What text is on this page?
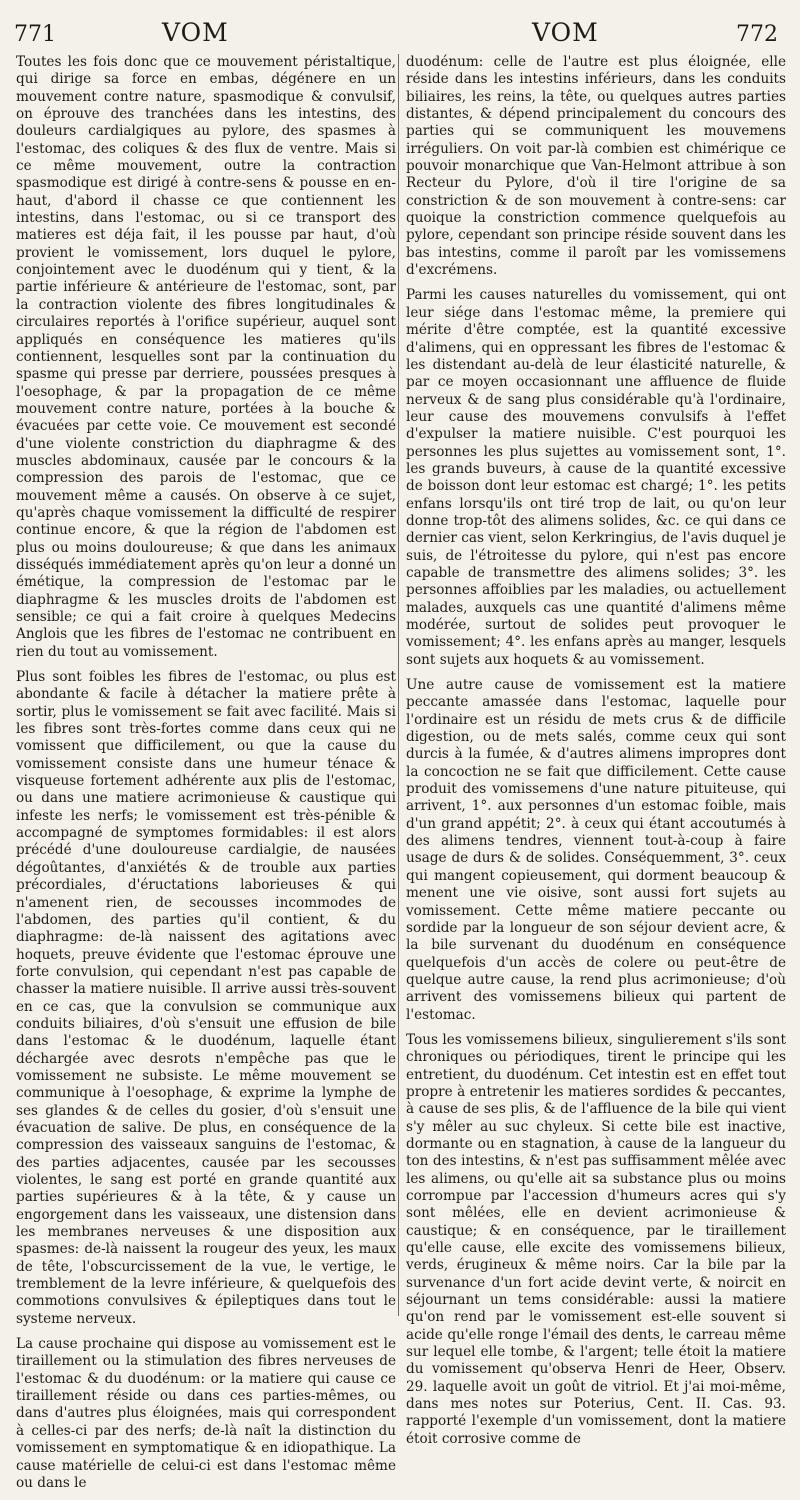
771	VOM	VOM	772

Toutes les fois donc que ce mouvement péristaltique, qui dirige sa force en embas, dégénere en un mouvement contre nature, spasmodique & convulsif, on éprouve des tranchées dans les intestins, des douleurs cardialgiques au pylore, des spasmes à l'estomac, des coliques & des flux de ventre. Mais si ce même mouvement, outre la contraction spasmodique est dirigé à contre-sens & pousse en en-haut, d'abord il chasse ce que contiennent les intestins, dans l'estomac, ou si ce transport des matieres est déja fait, il les pousse par haut, d'où provient le vomissement, lors duquel le pylore, conjointement avec le duodénum qui y tient, & la partie inférieure & antérieure de l'estomac, sont, par la contraction violente des fibres longitudinales & circulaires reportés à l'orifice supérieur, auquel sont appliqués en conséquence les matieres qu'ils contiennent, lesquelles sont par la continuation du spasme qui presse par derriere, poussées presques à l'oesophage, & par la propagation de ce même mouvement contre nature, portées à la bouche & évacuées par cette voie. Ce mouvement est secondé d'une violente constriction du diaphragme & des muscles abdominaux, causée par le concours & la compression des parois de l'estomac, que ce mouvement même a causés. On observe à ce sujet, qu'après chaque vomissement la difficulté de respirer continue encore, & que la région de l'abdomen est plus ou moins douloureuse; & que dans les animaux disséqués immédiatement après qu'on leur a donné un émétique, la compression de l'estomac par le diaphragme & les muscles droits de l'abdomen est sensible; ce qui a fait croire à quelques Medecins Anglois que les fibres de l'estomac ne contribuent en rien du tout au vomissement.

Plus sont foibles les fibres de l'estomac, ou plus est abondante & facile à détacher la matiere prête à sortir, plus le vomissement se fait avec facilité. Mais si les fibres sont très-fortes comme dans ceux qui ne vomissent que difficilement, ou que la cause du vomissement consiste dans une humeur ténace & visqueuse fortement adhérente aux plis de l'estomac, ou dans une matiere acrimonieuse & caustique qui infeste les nerfs; le vomissement est très-pénible & accompagné de symptomes formidables: il est alors précédé d'une douloureuse cardialgie, de nausées dégoûtantes, d'anxiétés & de trouble aux parties précordiales, d'éructations laborieuses & qui n'amenent rien, de secousses incommodes de l'abdomen, des parties qu'il contient, & du diaphragme: de-là naissent des agitations avec hoquets, preuve évidente que l'estomac éprouve une forte convulsion, qui cependant n'est pas capable de chasser la matiere nuisible. Il arrive aussi très-souvent en ce cas, que la convulsion se communique aux conduits biliaires, d'où s'ensuit une effusion de bile dans l'estomac & le duodénum, laquelle étant déchargée avec desrots n'empêche pas que le vomissement ne subsiste. Le même mouvement se communique à l'oesophage, & exprime la lymphe de ses glandes & de celles du gosier, d'où s'ensuit une évacuation de salive. De plus, en conséquence de la compression des vaisseaux sanguins de l'estomac, & des parties adjacentes, causée par les secousses violentes, le sang est porté en grande quantité aux parties supérieures & à la tête, & y cause un engorgement dans les vaisseaux, une distension dans les membranes nerveuses & une disposition aux spasmes: de-là naissent la rougeur des yeux, les maux de tête, l'obscurcissement de la vue, le vertige, le tremblement de la levre inférieure, & quelquefois des commotions convulsives & épileptiques dans tout le systeme nerveux.

La cause prochaine qui dispose au vomissement est le tiraillement ou la stimulation des fibres nerveuses de l'estomac & du duodénum: or la matiere qui cause ce tiraillement réside ou dans ces parties-mêmes, ou dans d'autres plus éloignées, mais qui correspondent à celles-ci par des nerfs; de-là naît la distinction du vomissement en symptomatique & en idiopathique. La cause matérielle de celui-ci est dans l'estomac même ou dans le

duodénum: celle de l'autre est plus éloignée, elle réside dans les intestins inférieurs, dans les conduits biliaires, les reins, la tête, ou quelques autres parties distantes, & dépend principalement du concours des parties qui se communiquent les mouvemens irréguliers. On voit par-là combien est chimérique ce pouvoir monarchique que Van-Helmont attribue à son Recteur du Pylore, d'où il tire l'origine de sa constriction & de son mouvement à contre-sens: car quoique la constriction commence quelquefois au pylore, cependant son principe réside souvent dans les bas intestins, comme il paroît par les vomissemens d'excrémens.

Parmi les causes naturelles du vomissement, qui ont leur siége dans l'estomac même, la premiere qui mérite d'être comptée, est la quantité excessive d'alimens, qui en oppressant les fibres de l'estomac & les distendant au-delà de leur élasticité naturelle, & par ce moyen occasionnant une affluence de fluide nerveux & de sang plus considérable qu'à l'ordinaire, leur cause des mouvemens convulsifs à l'effet d'expulser la matiere nuisible. C'est pourquoi les personnes les plus sujettes au vomissement sont, 1°. les grands buveurs, à cause de la quantité excessive de boisson dont leur estomac est chargé; 1°. les petits enfans lorsqu'ils ont tiré trop de lait, ou qu'on leur donne trop-tôt des alimens solides, &c. ce qui dans ce dernier cas vient, selon Kerkringius, de l'avis duquel je suis, de l'étroitesse du pylore, qui n'est pas encore capable de transmettre des alimens solides; 3°. les personnes affoiblies par les maladies, ou actuellement malades, auxquels cas une quantité d'alimens même modérée, surtout de solides peut provoquer le vomissement; 4°. les enfans après au manger, lesquels sont sujets aux hoquets & au vomissement.

Une autre cause de vomissement est la matiere peccante amassée dans l'estomac, laquelle pour l'ordinaire est un résidu de mets crus & de difficile digestion, ou de mets salés, comme ceux qui sont durcis à la fumée, & d'autres alimens impropres dont la concoction ne se fait que difficilement. Cette cause produit des vomissemens d'une nature pituiteuse, qui arrivent, 1°. aux personnes d'un estomac foible, mais d'un grand appétit; 2°. à ceux qui étant accoutumés à des alimens tendres, viennent tout-à-coup à faire usage de durs & de solides. Conséquemment, 3°. ceux qui mangent copieusement, qui dorment beaucoup & menent une vie oisive, sont aussi fort sujets au vomissement. Cette même matiere peccante ou sordide par la longueur de son séjour devient acre, & la bile survenant du duodénum en conséquence quelquefois d'un accès de colere ou peut-être de quelque autre cause, la rend plus acrimonieuse; d'où arrivent des vomissemens bilieux qui partent de l'estomac.

Tous les vomissemens bilieux, singulierement s'ils sont chroniques ou périodiques, tirent le principe qui les entretient, du duodénum. Cet intestin est en effet tout propre à entretenir les matieres sordides & peccantes, à cause de ses plis, & de l'affluence de la bile qui vient s'y mêler au suc chyleux. Si cette bile est inactive, dormante ou en stagnation, à cause de la langueur du ton des intestins, & n'est pas suffisamment mêlée avec les alimens, ou qu'elle ait sa substance plus ou moins corrompue par l'accession d'humeurs acres qui s'y sont mêlées, elle en devient acrimonieuse & caustique; & en conséquence, par le tiraillement qu'elle cause, elle excite des vomissemens bilieux, verds, érugineux & même noirs. Car la bile par la survenance d'un fort acide devint verte, & noircit en séjournant un tems considérable: aussi la matiere qu'on rend par le vomissement est-elle souvent si acide qu'elle ronge l'émail des dents, le carreau même sur lequel elle tombe, & l'argent; telle étoit la matiere du vomissement qu'observa Henri de Heer, Observ. 29. laquelle avoit un goût de vitriol. Et j'ai moi-même, dans mes notes sur Poterius, Cent. II. Cas. 93. rapporté l'exemple d'un vomissement, dont la matiere étoit corrosive comme de
